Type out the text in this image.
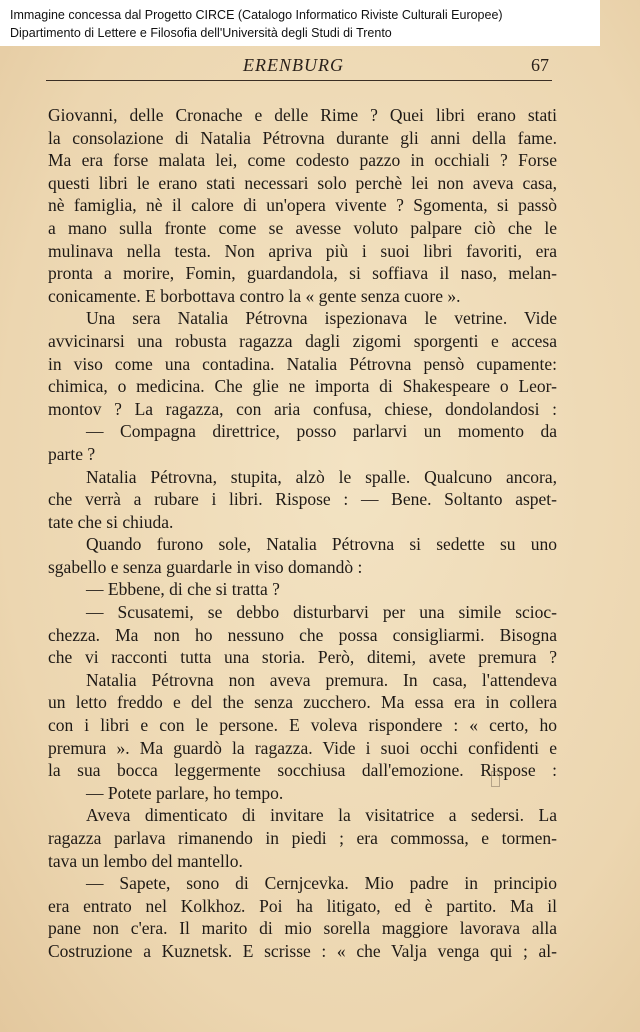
Immagine concessa dal Progetto CIRCE (Catalogo Informatico Riviste Culturali Europee)
Dipartimento di Lettere e Filosofia dell'Università degli Studi di Trento
ERENBURG	67
Giovanni, delle Cronache e delle Rime ? Quei libri erano stati
la consolazione di Natalia Pétrovna durante gli anni della fame.
Ma era forse malata lei, come codesto pazzo in occhiali ? Forse
questi libri le erano stati necessari solo perchè lei non aveva casa,
nè famiglia, nè il calore di un'opera vivente ? Sgomenta, si passò
a mano sulla fronte come se avesse voluto palpare ciò che le
mulinava nella testa. Non apriva più i suoi libri favoriti, era
pronta a morire, Fomin, guardandola, si soffiava il naso, melan-
conicamente. E borbottava contro la « gente senza cuore ».
Una sera Natalia Pétrovna ispezionava le vetrine. Vide
avvicinarsi una robusta ragazza dagli zigomi sporgenti e accesa
in viso come una contadina. Natalia Pétrovna pensò cupamente:
chimica, o medicina. Che glie ne importa di Shakespeare o Leor-
montov ? La ragazza, con aria confusa, chiese, dondolandosi :
— Compagna direttrice, posso parlarvi un momento da
parte ?
Natalia Pétrovna, stupita, alzò le spalle. Qualcuno ancora,
che verrà a rubare i libri. Rispose : — Bene. Soltanto aspet-
tate che si chiuda.
Quando furono sole, Natalia Pétrovna si sedette su uno
sgabello e senza guardarle in viso domandò :
— Ebbene, di che si tratta ?
— Scusatemi, se debbo disturbarvi per una simile scioc-
chezza. Ma non ho nessuno che possa consigliarmi. Bisogna
che vi racconti tutta una storia. Però, ditemi, avete premura ?
Natalia Pétrovna non aveva premura. In casa, l'attendeva
un letto freddo e del the senza zucchero. Ma essa era in collera
con i libri e con le persone. E voleva rispondere : « certo, ho
premura ». Ma guardò la ragazza. Vide i suoi occhi confidenti e
la sua bocca leggermente socchiusa dall'emozione. Rispose :
— Potete parlare, ho tempo.
Aveva dimenticato di invitare la visitatrice a sedersi. La
ragazza parlava rimanendo in piedi ; era commossa, e tormen-
tava un lembo del mantello.
— Sapete, sono di Cernjcevka. Mio padre in principio
era entrato nel Kolkhoz. Poi ha litigato, ed è partito. Ma il
pane non c'era. Il marito di mio sorella maggiore lavorava alla
Costruzione a Kuznetsk. E scrisse : « che Valja venga qui ; al-
